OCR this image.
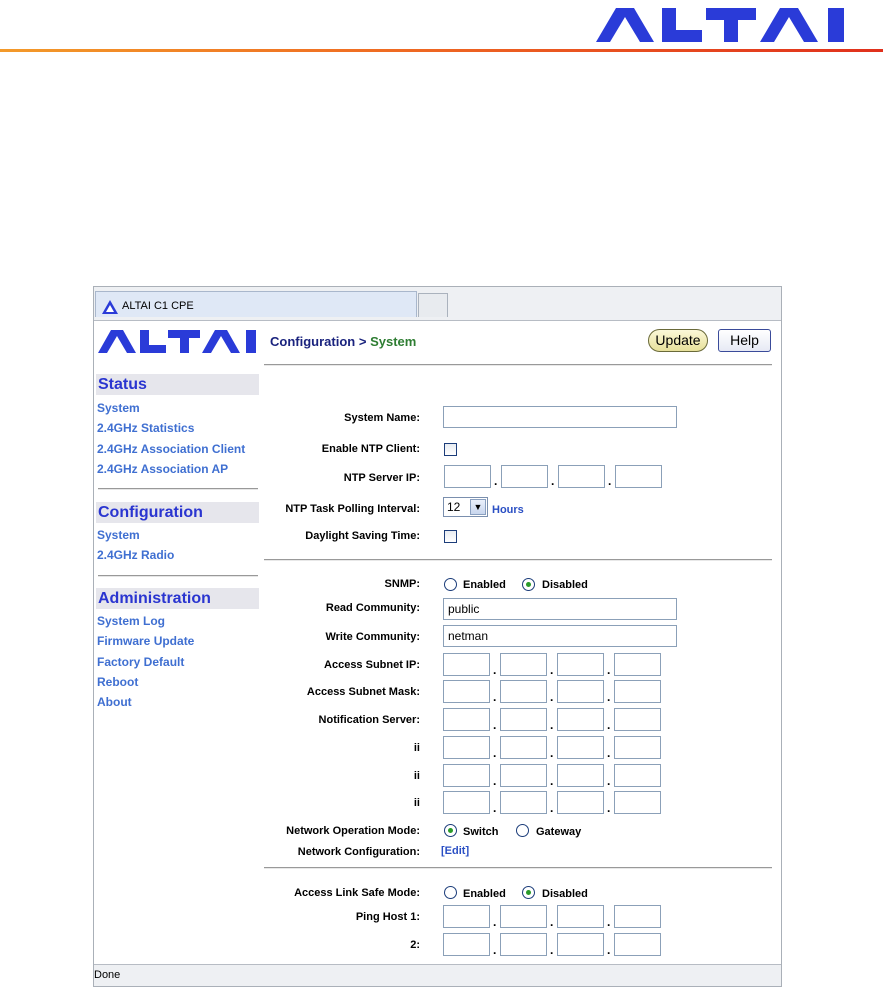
ALTAI C1 CPE
Status
System
2.4GHz Statistics
2.4GHz Association Client
2.4GHz Association AP
Configuration
System
2.4GHz Radio
Administration
System Log
Firmware Update
Factory Default
Reboot
About
Configuration > System	Update	Help
System Name:
Enable NTP Client:
NTP Server IP:	.	.	.
NTP Task Polling Interval:	12	▼ Hours
Daylight Saving Time:
SNMP:	Enabled	Disabled
Read Community:	public
Write Community:	netman
Access Subnet IP:	.	.	.
Access Subnet Mask:	.	.	.
Notification Server:	.	.	.
ii	.	.	.
ii	.	.	.
ii	.	.	.
Network Operation Mode:	Switch	Gateway
Network Configuration: [Edit]
Access Link Safe Mode:	Enabled	Disabled
Ping Host 1:	.	.	.
2:	.	.	.
Done
